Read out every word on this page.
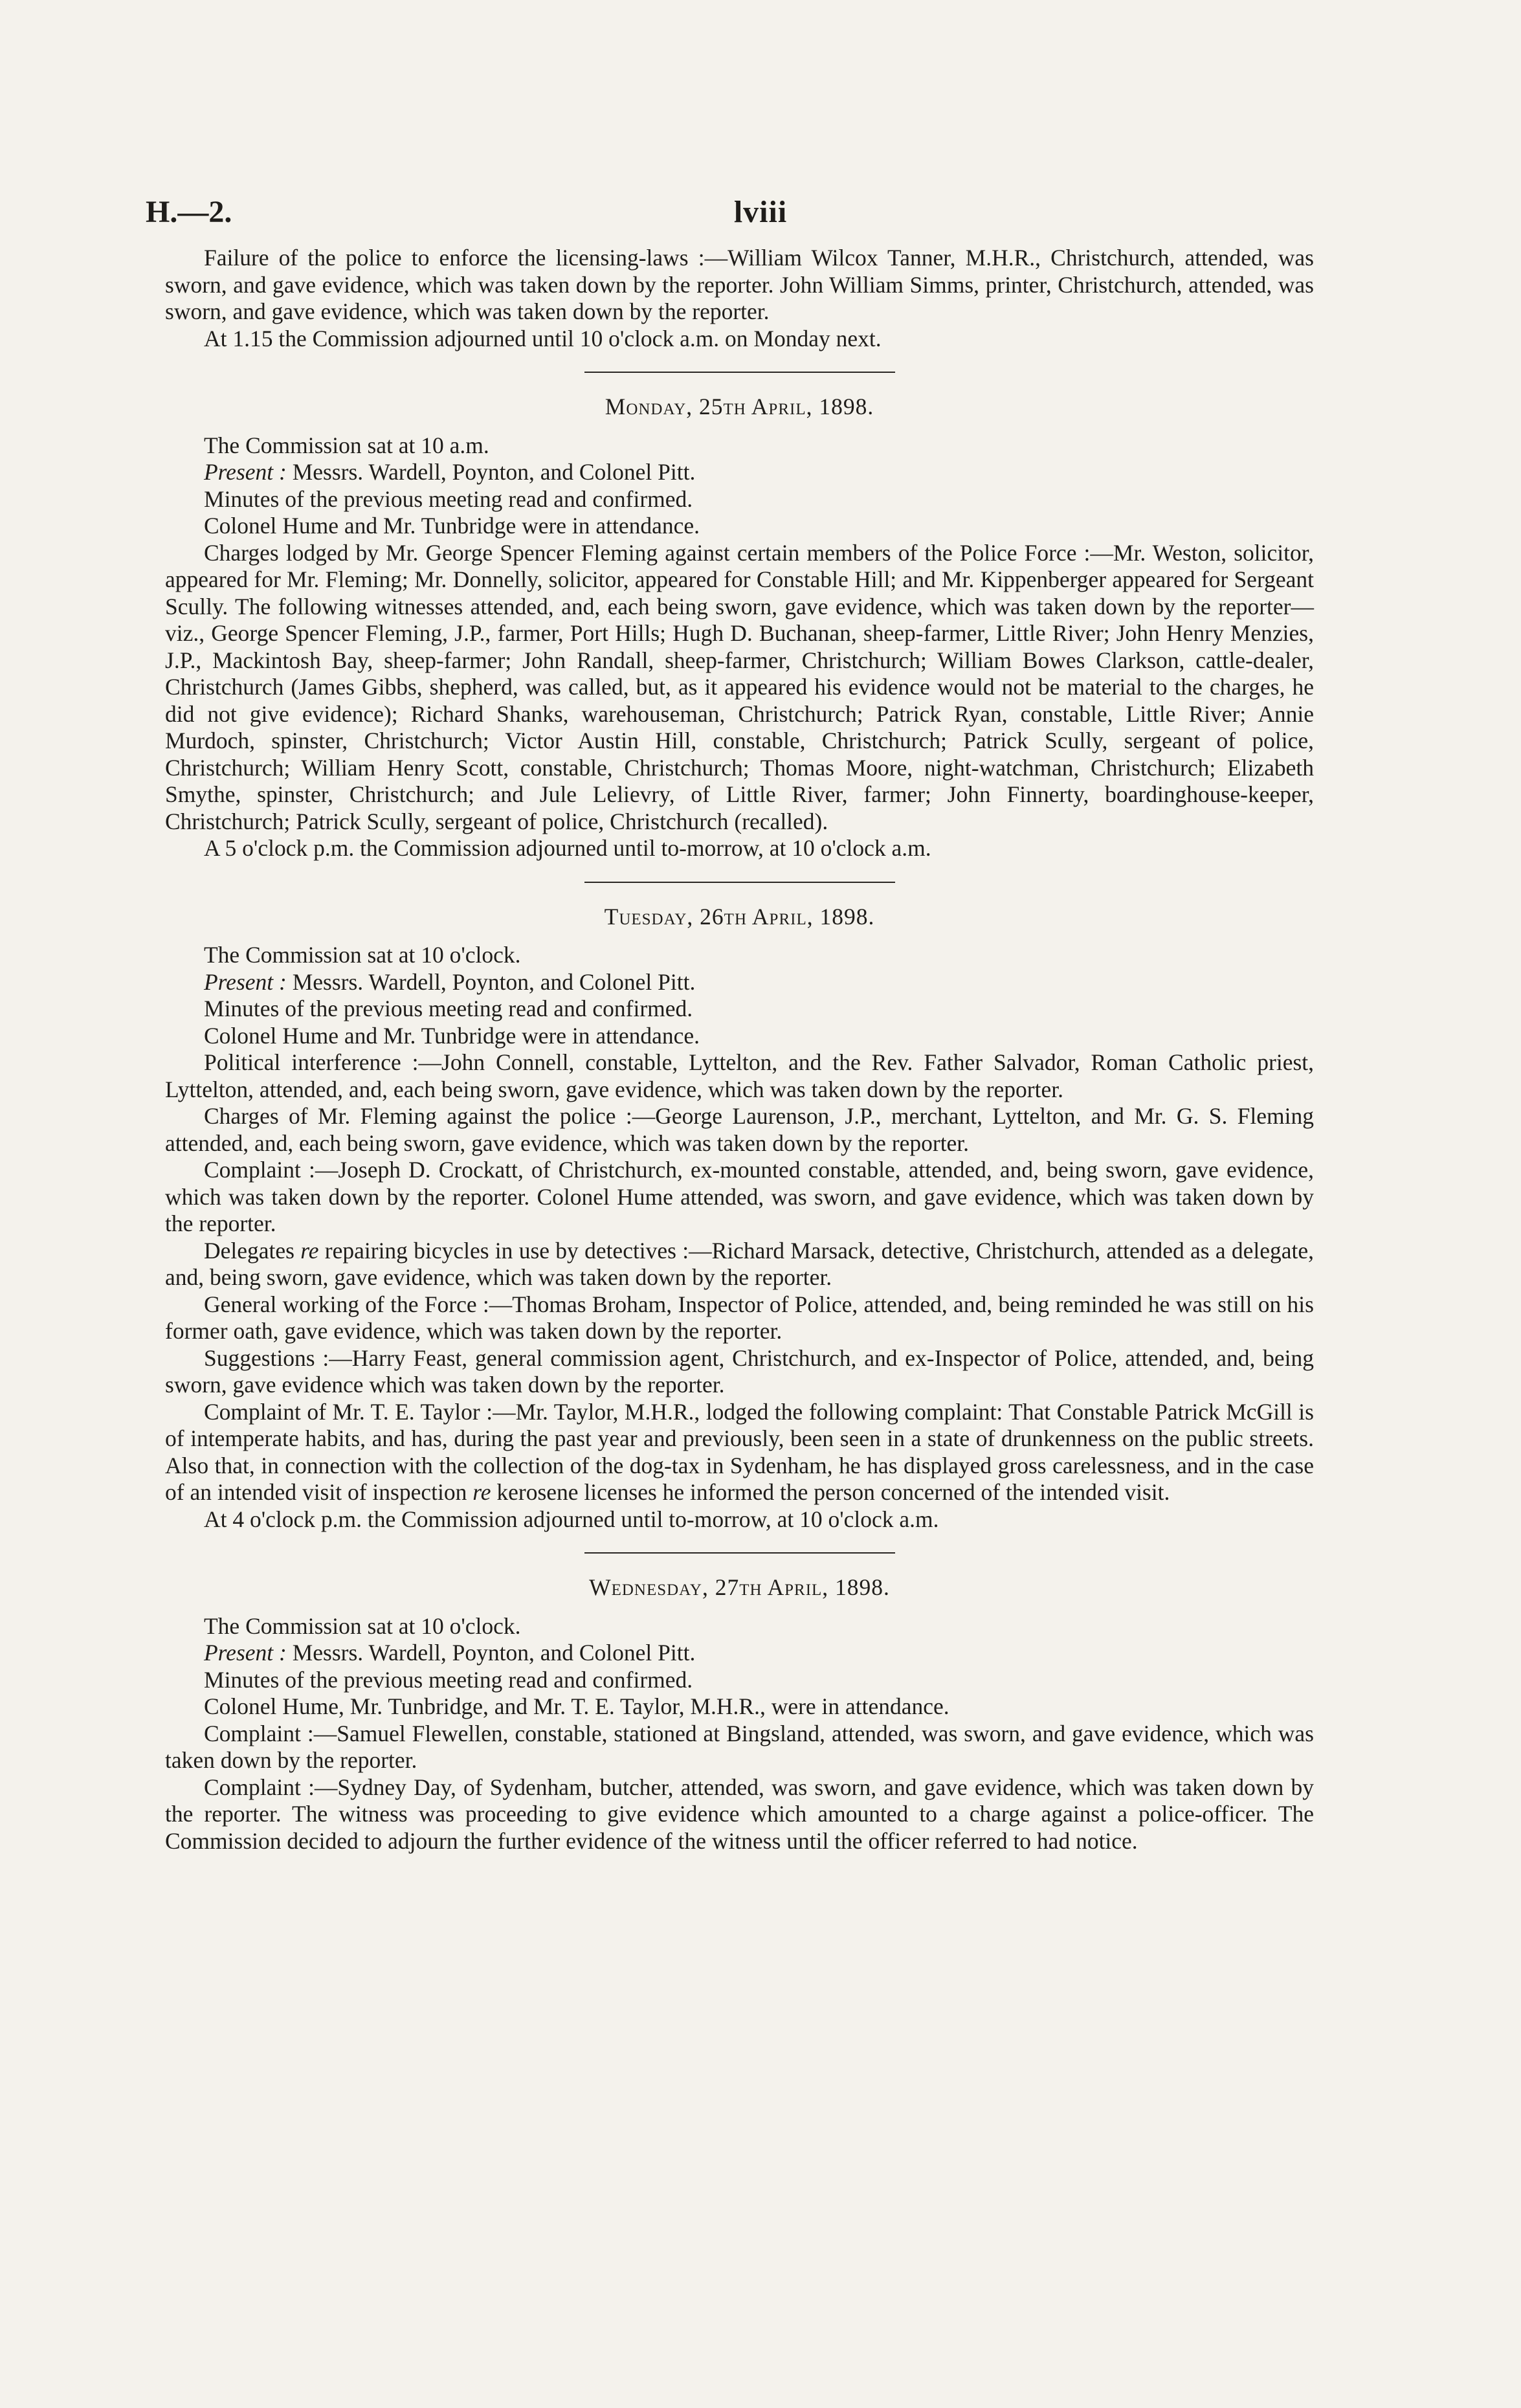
H.—2.	lviii

Failure of the police to enforce the licensing-laws :—William Wilcox Tanner, M.H.R., Christchurch, attended, was sworn, and gave evidence, which was taken down by the reporter. John William Simms, printer, Christchurch, attended, was sworn, and gave evidence, which was taken down by the reporter.

At 1.15 the Commission adjourned until 10 o'clock a.m. on Monday next.

Monday, 25th April, 1898.

The Commission sat at 10 a.m.

Present : Messrs. Wardell, Poynton, and Colonel Pitt.

Minutes of the previous meeting read and confirmed.

Colonel Hume and Mr. Tunbridge were in attendance.

Charges lodged by Mr. George Spencer Fleming against certain members of the Police Force :—Mr. Weston, solicitor, appeared for Mr. Fleming; Mr. Donnelly, solicitor, appeared for Constable Hill; and Mr. Kippenberger appeared for Sergeant Scully. The following witnesses attended, and, each being sworn, gave evidence, which was taken down by the reporter—viz., George Spencer Fleming, J.P., farmer, Port Hills; Hugh D. Buchanan, sheep-farmer, Little River; John Henry Menzies, J.P., Mackintosh Bay, sheep-farmer; John Randall, sheep-farmer, Christchurch; William Bowes Clarkson, cattle-dealer, Christchurch (James Gibbs, shepherd, was called, but, as it appeared his evidence would not be material to the charges, he did not give evidence); Richard Shanks, warehouseman, Christchurch; Patrick Ryan, constable, Little River; Annie Murdoch, spinster, Christchurch; Victor Austin Hill, constable, Christchurch; Patrick Scully, sergeant of police, Christchurch; William Henry Scott, constable, Christchurch; Thomas Moore, night-watchman, Christchurch; Elizabeth Smythe, spinster, Christchurch; and Jule Lelievry, of Little River, farmer; John Finnerty, boardinghouse-keeper, Christchurch; Patrick Scully, sergeant of police, Christchurch (recalled).

A 5 o'clock p.m. the Commission adjourned until to-morrow, at 10 o'clock a.m.

Tuesday, 26th April, 1898.

The Commission sat at 10 o'clock.

Present : Messrs. Wardell, Poynton, and Colonel Pitt.

Minutes of the previous meeting read and confirmed.

Colonel Hume and Mr. Tunbridge were in attendance.

Political interference :—John Connell, constable, Lyttelton, and the Rev. Father Salvador, Roman Catholic priest, Lyttelton, attended, and, each being sworn, gave evidence, which was taken down by the reporter.

Charges of Mr. Fleming against the police :—George Laurenson, J.P., merchant, Lyttelton, and Mr. G. S. Fleming attended, and, each being sworn, gave evidence, which was taken down by the reporter.

Complaint :—Joseph D. Crockatt, of Christchurch, ex-mounted constable, attended, and, being sworn, gave evidence, which was taken down by the reporter. Colonel Hume attended, was sworn, and gave evidence, which was taken down by the reporter.

Delegates re repairing bicycles in use by detectives :—Richard Marsack, detective, Christchurch, attended as a delegate, and, being sworn, gave evidence, which was taken down by the reporter.

General working of the Force :—Thomas Broham, Inspector of Police, attended, and, being reminded he was still on his former oath, gave evidence, which was taken down by the reporter.

Suggestions :—Harry Feast, general commission agent, Christchurch, and ex-Inspector of Police, attended, and, being sworn, gave evidence which was taken down by the reporter.

Complaint of Mr. T. E. Taylor :—Mr. Taylor, M.H.R., lodged the following complaint: That Constable Patrick McGill is of intemperate habits, and has, during the past year and previously, been seen in a state of drunkenness on the public streets. Also that, in connection with the collection of the dog-tax in Sydenham, he has displayed gross carelessness, and in the case of an intended visit of inspection re kerosene licenses he informed the person concerned of the intended visit.

At 4 o'clock p.m. the Commission adjourned until to-morrow, at 10 o'clock a.m.

Wednesday, 27th April, 1898.

The Commission sat at 10 o'clock.

Present : Messrs. Wardell, Poynton, and Colonel Pitt.

Minutes of the previous meeting read and confirmed.

Colonel Hume, Mr. Tunbridge, and Mr. T. E. Taylor, M.H.R., were in attendance.

Complaint :—Samuel Flewellen, constable, stationed at Bingsland, attended, was sworn, and gave evidence, which was taken down by the reporter.

Complaint :—Sydney Day, of Sydenham, butcher, attended, was sworn, and gave evidence, which was taken down by the reporter. The witness was proceeding to give evidence which amounted to a charge against a police-officer. The Commission decided to adjourn the further evidence of the witness until the officer referred to had notice.
